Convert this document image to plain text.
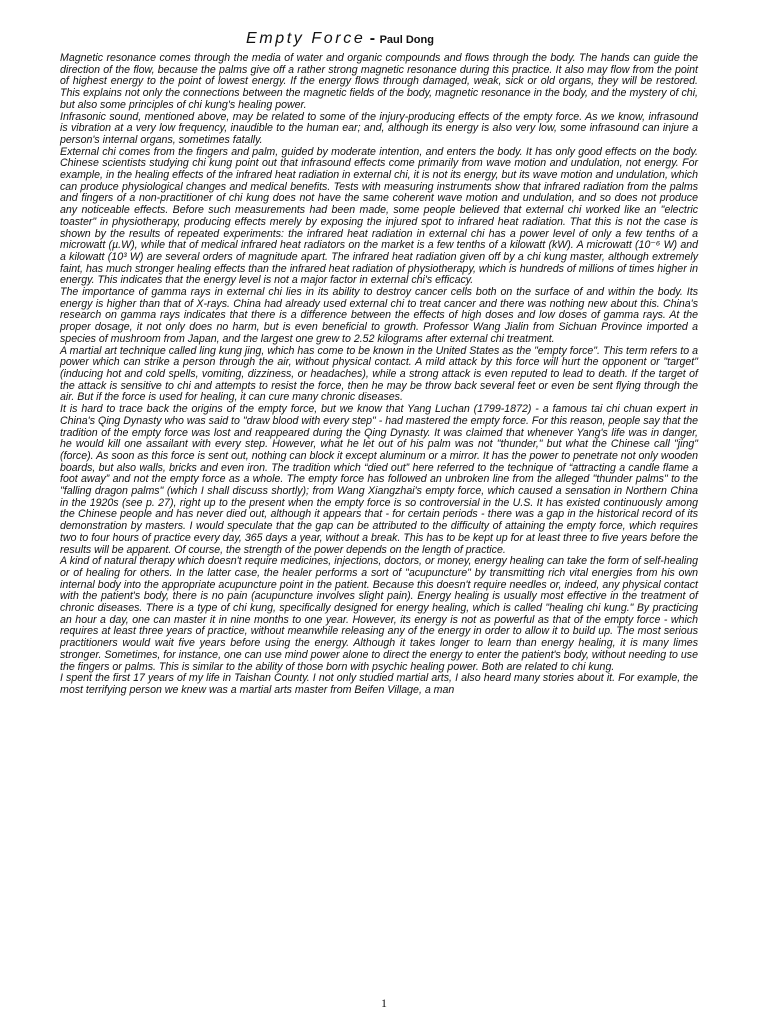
Empty Force - Paul Dong

Magnetic resonance comes through the media of water and organic compounds and flows through the body. The hands can guide the direction of the flow, because the palms give off a rather strong magnetic resonance during this practice. It also may flow from the point of highest energy to the point of lowest energy. If the energy flows through damaged, weak, sick or old organs, they will be restored. This explains not only the connections between the magnetic fields of the body, magnetic resonance in the body, and the mystery of chi, but also some principles of chi kung's healing power.

Infrasonic sound, mentioned above, may be related to some of the injury-producing effects of the empty force. As we know, infrasound is vibration at a very low frequency, inaudible to the human ear; and, although its energy is also very low, some infrasound can injure a person's internal organs, sometimes fatally.

External chi comes from the fingers and palm, guided by moderate intention, and enters the body. It has only good effects on the body. Chinese scientists studying chi kung point out that infrasound effects come primarily from wave motion and undulation, not energy. For example, in the healing effects of the infrared heat radiation in external chi, it is not its energy, but its wave motion and undulation, which can produce physiological changes and medical benefits. Tests with measuring instruments show that infrared radiation from the palms and fingers of a non-practitioner of chi kung does not have the same coherent wave motion and undulation, and so does not produce any noticeable effects. Before such measurements had been made, some people believed that external chi worked like an "electric toaster" in physiotherapy, producing effects merely by exposing the injured spot to infrared heat radiation. That this is not the case is shown by the results of repeated experiments: the infrared heat radiation in external chi has a power level of only a few tenths of a microwatt (µ.W), while that of medical infrared heat radiators on the market is a few tenths of a kilowatt (kW). A microwatt (10⁻⁶ W) and a kilowatt (10³ W) are several orders of magnitude apart. The infrared heat radiation given off by a chi kung master, although extremely faint, has much stronger healing effects than the infrared heat radiation of physiotherapy, which is hundreds of millions of times higher in energy. This indicates that the energy level is not a major factor in external chi's efficacy.

The importance of gamma rays in external chi lies in its ability to destroy cancer cells both on the surface of and within the body. Its energy is higher than that of X-rays. China had already used external chi to treat cancer and there was nothing new about this. China's research on gamma rays indicates that there is a difference between the effects of high doses and low doses of gamma rays. At the proper dosage, it not only does no harm, but is even beneficial to growth. Professor Wang Jialin from Sichuan Province imported a species of mushroom from Japan, and the largest one grew to 2.52 kilograms after external chi treatment.

A martial art technique called ling kung jing, which has come to be known in the United States as the "empty force". This term refers to a power which can strike a person through the air, without physical contact. A mild attack by this force will hurt the opponent or "target" (inducing hot and cold spells, vomiting, dizziness, or headaches), while a strong attack is even reputed to lead to death. If the target of the attack is sensitive to chi and attempts to resist the force, then he may be throw back several feet or even be sent flying through the air. But if the force is used for healing, it can cure many chronic diseases.

It is hard to trace back the origins of the empty force, but we know that Yang Luchan (1799-1872) - a famous tai chi chuan expert in China's Qing Dynasty who was said to "draw blood with every step" - had mastered the empty force. For this reason, people say that the tradition of the empty force was lost and reappeared during the Qing Dynasty. It was claimed that whenever Yang's life was in danger, he would kill one assailant with every step. However, what he let out of his palm was not "thunder," but what the Chinese call "jing" (force). As soon as this force is sent out, nothing can block it except aluminum or a mirror. It has the power to penetrate not only wooden boards, but also walls, bricks and even iron. The tradition which “died out” here referred to the technique of “attracting a candle flame a foot away” and not the empty force as a whole. The empty force has followed an unbroken line from the alleged "thunder palms" to the "falling dragon palms" (which I shall discuss shortly); from Wang Xiangzhai's empty force, which caused a sensation in Northern China in the 1920s (see p. 27), right up to the present when the empty force is so controversial in the U.S. It has existed continuously among the Chinese people and has never died out, although it appears that - for certain periods - there was a gap in the historical record of its demonstration by masters. I would speculate that the gap can be attributed to the difficulty of attaining the empty force, which requires two to four hours of practice every day, 365 days a year, without a break. This has to be kept up for at least three to five years before the results will be apparent. Of course, the strength of the power depends on the length of practice.

A kind of natural therapy which doesn't require medicines, injections, doctors, or money, energy healing can take the form of self-healing or of healing for others. In the latter case, the healer performs a sort of "acupuncture" by transmitting rich vital energies from his own internal body into the appropriate acupuncture point in the patient. Because this doesn't require needles or, indeed, any physical contact with the patient's body, there is no pain (acupuncture involves slight pain). Energy healing is usually most effective in the treatment of chronic diseases. There is a type of chi kung, specifically designed for energy healing, which is called "healing chi kung." By practicing an hour a day, one can master it in nine months to one year. However, its energy is not as powerful as that of the empty force - which requires at least three years of practice, without meanwhile releasing any of the energy in order to allow it to build up. The most serious practitioners would wait five years before using the energy. Although it takes longer to learn than energy healing, it is many limes stronger. Sometimes, for instance, one can use mind power alone to direct the energy to enter the patient's body, without needing to use the fingers or palms. This is similar to the ability of those born with psychic healing power. Both are related to chi kung.

I spent the first 17 years of my life in Taishan County. I not only studied martial arts, I also heard many stories about it. For example, the most terrifying person we knew was a martial arts master from Beifen Village, a man

1
